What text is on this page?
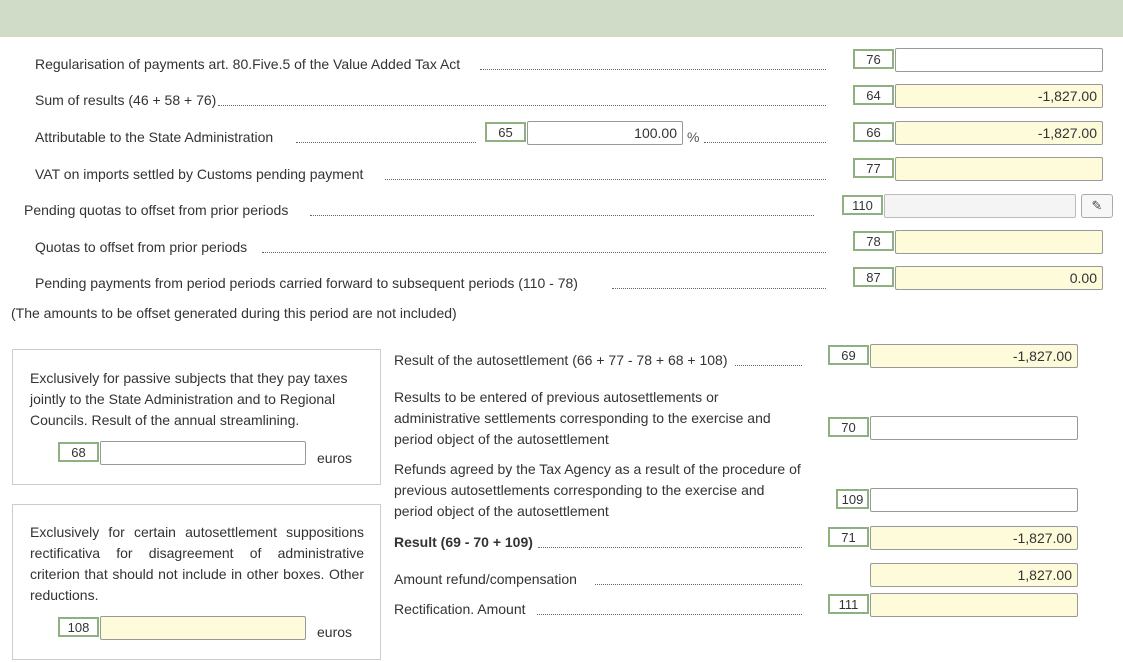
Regularisation of payments art. 80.Five.5 of the Value Added Tax Act	76
Sum of results (46 + 58 + 76)	64	-1,827.00
Attributable to the State Administration	65	100.00 %	66	-1,827.00
VAT on imports settled by Customs pending payment	77
Pending quotas to offset from prior periods	110	✎
Quotas to offset from prior periods	78
Pending payments from period periods carried forward to subsequent periods (110 - 78)	87	0.00
(The amounts to be offset generated during this period are not included)
Exclusively for passive subjects that they pay taxes jointly to the State Administration and to Regional Councils. Result of the annual streamlining.
68	euros
Exclusively for certain autosettlement suppositions rectificativa for disagreement of administrative criterion that should not include in other boxes. Other reductions.
108	euros
Result of the autosettlement (66 + 77 - 78 + 68 + 108)	69	-1,827.00
Results to be entered of previous autosettlements or administrative settlements corresponding to the exercise and period object of the autosettlement
70
Refunds agreed by the Tax Agency as a result of the procedure of previous autosettlements corresponding to the exercise and period object of the autosettlement
109
Result (69 - 70 + 109)	71	-1,827.00
Amount refund/compensation	1,827.00
Rectification. Amount	111
